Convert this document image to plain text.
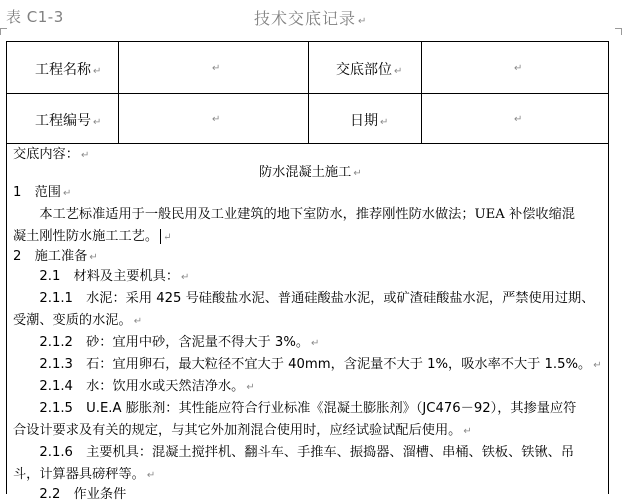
表 C1-3	技术交底记录 ↵
工程名称 ↵	↵	交底部位 ↵	↵
工程编号 ↵	↵	日期 ↵	↵
交底内容： ↵
防水混凝土施工 ↵
1　范围 ↵
　　本工艺标准适用于一般民用及工业建筑的地下室防水，推荐刚性防水做法；UEA 补偿收缩混
凝土刚性防水施工工艺。 ↵
2　施工准备 ↵
　　2.1　材料及主要机具： ↵
　　2.1.1　水泥：采用 425 号硅酸盐水泥、普通硅酸盐水泥，或矿渣硅酸盐水泥，严禁使用过期、
受潮、变质的水泥。 ↵
　　2.1.2　砂：宜用中砂，含泥量不得大于 3%。 ↵
　　2.1.3　石：宜用卵石，最大粒径不宜大于 40mm，含泥量不大于 1%，吸水率不大于 1.5%。 ↵
　　2.1.4　水：饮用水或天然洁净水。 ↵
　　2.1.5　U.E.A 膨胀剂：其性能应符合行业标准《混凝土膨胀剂》（JC476－92），其掺量应符
合设计要求及有关的规定，与其它外加剂混合使用时，应经试验试配后使用。 ↵
　　2.1.6　主要机具：混凝土搅拌机、翻斗车、手推车、振捣器、溜槽、串桶、铁板、铁锹、吊
斗，计算器具磅秤等。 ↵
　　2.2　作业条件
